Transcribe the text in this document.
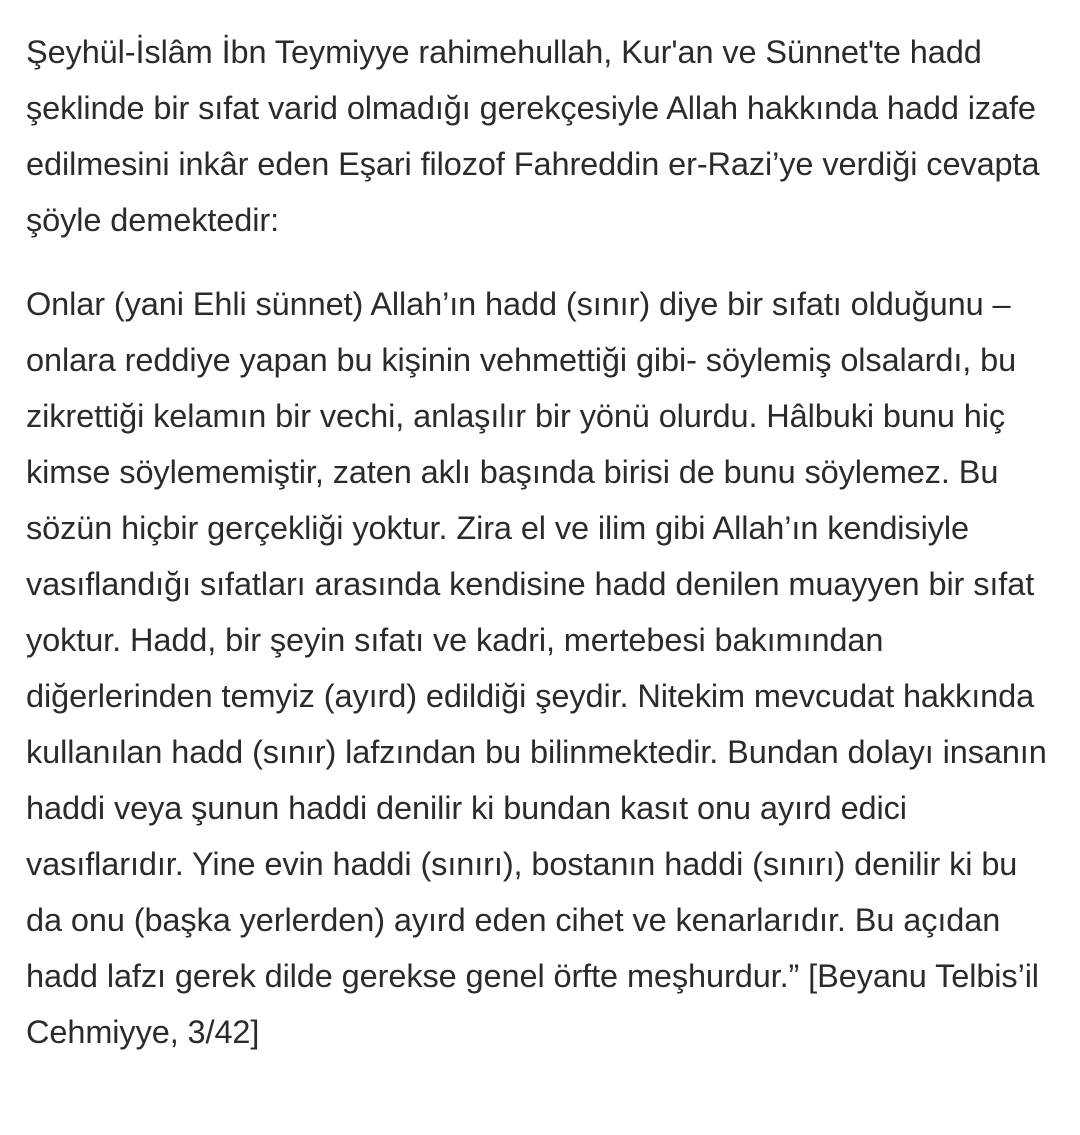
Şeyhül-İslâm İbn Teymiyye rahimehullah, Kur'an ve Sünnet'te hadd şeklinde bir sıfat varid olmadığı gerekçesiyle Allah hakkında hadd izafe edilmesini inkâr eden Eşari filozof Fahreddin er-Razi’ye verdiği cevapta şöyle demektedir:

Onlar (yani Ehli sünnet) Allah’ın hadd (sınır) diye bir sıfatı olduğunu –onlara reddiye yapan bu kişinin vehmettiği gibi- söylemiş olsalardı, bu zikrettiği kelamın bir vechi, anlaşılır bir yönü olurdu. Hâlbuki bunu hiç kimse söylememiştir, zaten aklı başında birisi de bunu söylemez. Bu sözün hiçbir gerçekliği yoktur. Zira el ve ilim gibi Allah’ın kendisiyle vasıflandığı sıfatları arasında kendisine hadd denilen muayyen bir sıfat yoktur. Hadd, bir şeyin sıfatı ve kadri, mertebesi bakımından diğerlerinden temyiz (ayırd) edildiği şeydir. Nitekim mevcudat hakkında kullanılan hadd (sınır) lafzından bu bilinmektedir. Bundan dolayı insanın haddi veya şunun haddi denilir ki bundan kasıt onu ayırd edici vasıflarıdır. Yine evin haddi (sınırı), bostanın haddi (sınırı) denilir ki bu da onu (başka yerlerden) ayırd eden cihet ve kenarlarıdır. Bu açıdan hadd lafzı gerek dilde gerekse genel örfte meşhurdur.” [Beyanu Telbis’il Cehmiyye, 3/42]
